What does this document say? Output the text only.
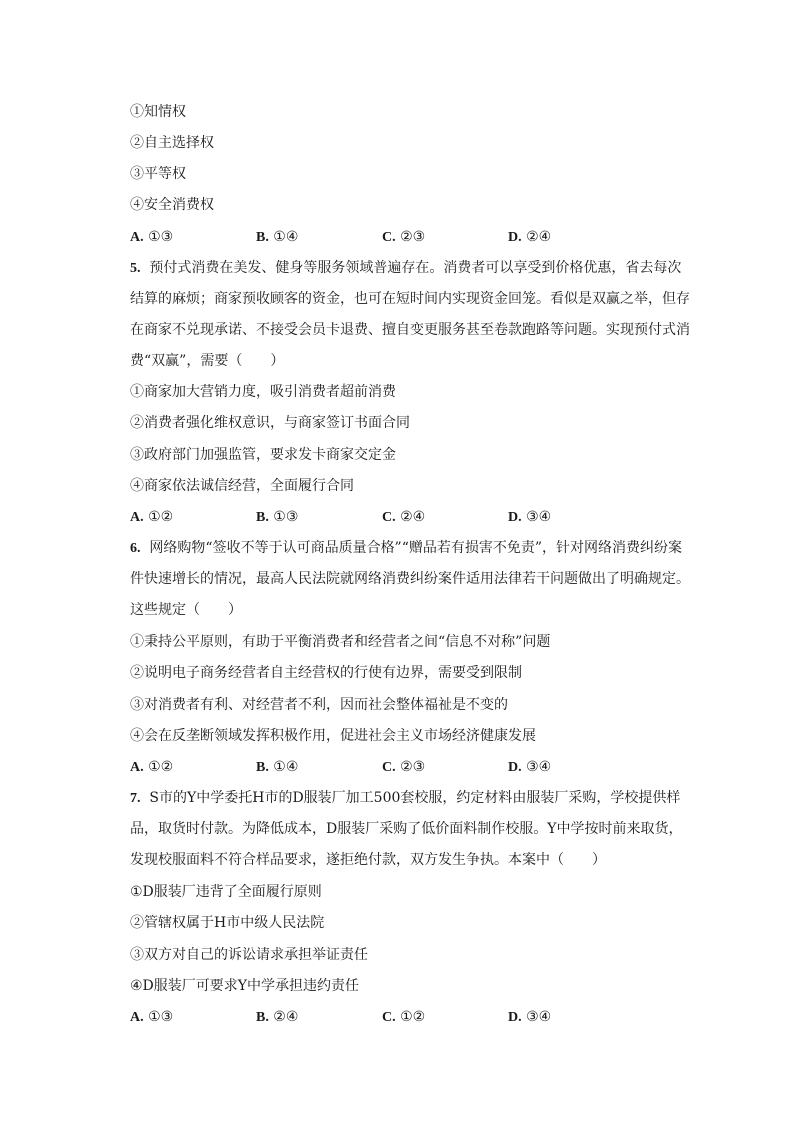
①知情权
②自主选择权
③平等权
④安全消费权
A. ①③	B. ①④	C. ②③	D. ②④
5. 预付式消费在美发、健身等服务领域普遍存在。消费者可以享受到价格优惠，省去每次结算的麻烦；商家预收顾客的资金，也可在短时间内实现资金回笼。看似是双赢之举，但存在商家不兑现承诺、不接受会员卡退费、擅自变更服务甚至卷款跑路等问题。实现预付式消费“双赢”，需要（　　）
①商家加大营销力度，吸引消费者超前消费
②消费者强化维权意识，与商家签订书面合同
③政府部门加强监管，要求发卡商家交定金
④商家依法诚信经营，全面履行合同
A. ①②	B. ①③	C. ②④	D. ③④
6. 网络购物“签收不等于认可商品质量合格”“赠品若有损害不免责”，针对网络消费纠纷案件快速增长的情况，最高人民法院就网络消费纠纷案件适用法律若干问题做出了明确规定。这些规定（　　）
①秉持公平原则，有助于平衡消费者和经营者之间“信息不对称”问题
②说明电子商务经营者自主经营权的行使有边界，需要受到限制
③对消费者有利、对经营者不利，因而社会整体福祉是不变的
④会在反垄断领域发挥积极作用，促进社会主义市场经济健康发展
A. ①②	B. ①④	C. ②③	D. ③④
7. S市的Y中学委托H市的D服装厂加工500套校服，约定材料由服装厂采购，学校提供样品，取货时付款。为降低成本，D服装厂采购了低价面料制作校服。Y中学按时前来取货，发现校服面料不符合样品要求，遂拒绝付款，双方发生争执。本案中（　　）
①D服装厂违背了全面履行原则
②管辖权属于H市中级人民法院
③双方对自己的诉讼请求承担举证责任
④D服装厂可要求Y中学承担违约责任
A. ①③	B. ②④	C. ①②	D. ③④
